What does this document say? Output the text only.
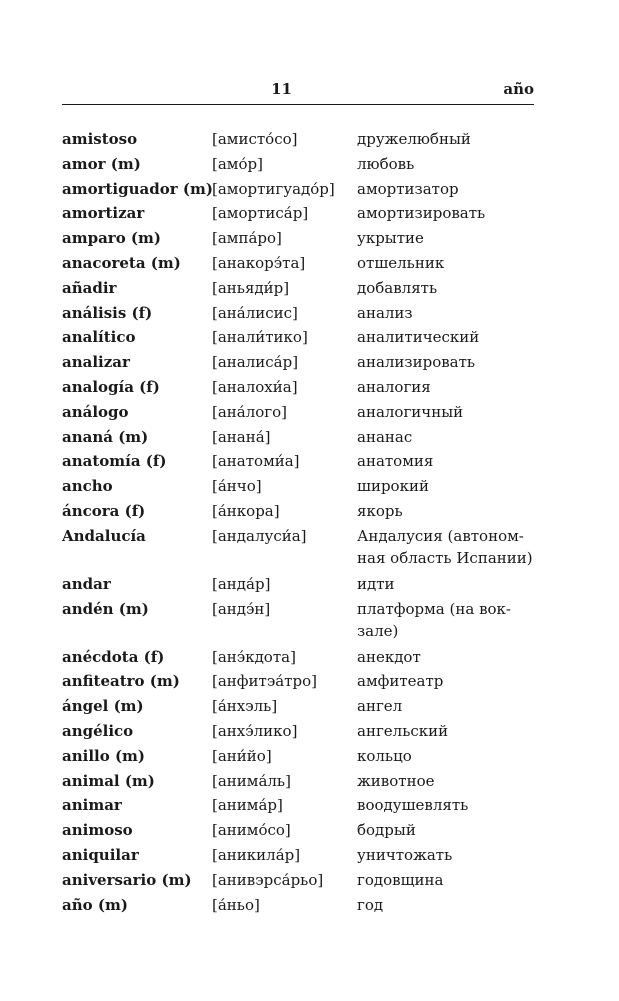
11	año
amistoso	[амисто́со]	дружелюбный
amor (m)	[амо́р]	любовь
amortiguador (m) [амортигуадо́р]	амортизатор
amortizar	[амортиса́р]	амортизировать
amparo (m)	[ампа́ро]	укрытие
anacoreta (m)	[анакорэ́та]	отшельник
añadir	[аньяди́р]	добавлять
análisis (f)	[ана́лисис]	анализ
analítico	[анали́тико]	аналитический
analizar	[аналиса́р]	анализировать
analogía (f)	[аналохи́а]	аналогия
análogo	[ана́лого]	аналогичный
ananá (m)	[анана́]	ананас
anatomía (f)	[анатоми́а]	анатомия
ancho	[а́нчо]	широкий
áncora (f)	[а́нкора]	якорь
Andalucía	[андалуси́а]	Андалусия (автоном-
ная область Испании)
andar	[анда́р]	идти
andén (m)	[андэ́н]	платформа (на вок-
зале)
anécdota (f)	[анэ́кдота]	анекдот
anfiteatro (m)	[анфитэа́тро]	амфитеатр
ángel (m)	[а́нхэль]	ангел
angélico	[анхэ́лико]	ангельский
anillo (m)	[ани́йо]	кольцо
animal (m)	[анима́ль]	животное
animar	[анима́р]	воодушевлять
animoso	[анимо́со]	бодрый
aniquilar	[аникила́р]	уничтожать
aniversario (m)	[анивэрса́рьо]	годовщина
año (m)	[а́ньо]	год
